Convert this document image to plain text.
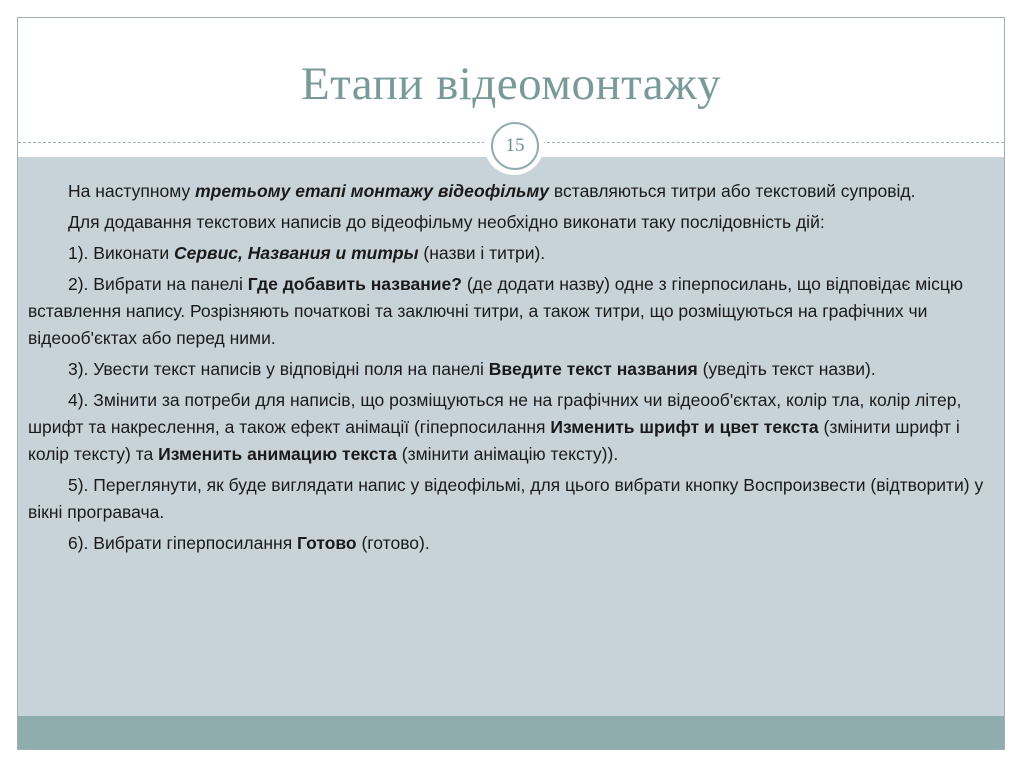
Етапи відеомонтажу
15

На наступному третьому етапі монтажу відеофільму вставляються титри або текстовий супровід.

Для додавання текстових написів до відеофільму необхідно виконати таку послідовність дій:

1). Виконати Сервис, Названия и титры (назви і титри).

2). Вибрати на панелі Где добавить название? (де додати назву) одне з гіперпосилань, що відповідає місцю вставлення напису. Розрізняють початкові та заключні титри, а також титри, що розміщуються на графічних чи відеооб'єктах або перед ними.

3). Увести текст написів у відповідні поля на панелі Введите текст названия (уведіть текст назви).

4). Змінити за потреби для написів, що розміщуються не на графічних чи відеооб'єктах, колір тла, колір літер, шрифт та накреслення, а також ефект анімації (гіперпосилання Изменить шрифт и цвет текста (змінити шрифт і колір тексту) та Изменить анимацию текста (змінити анімацію тексту)).

5). Переглянути, як буде виглядати напис у відеофільмі, для цього вибрати кнопку Воспроизвести (відтворити) у вікні програвача.

6). Вибрати гіперпосилання Готово (готово).
